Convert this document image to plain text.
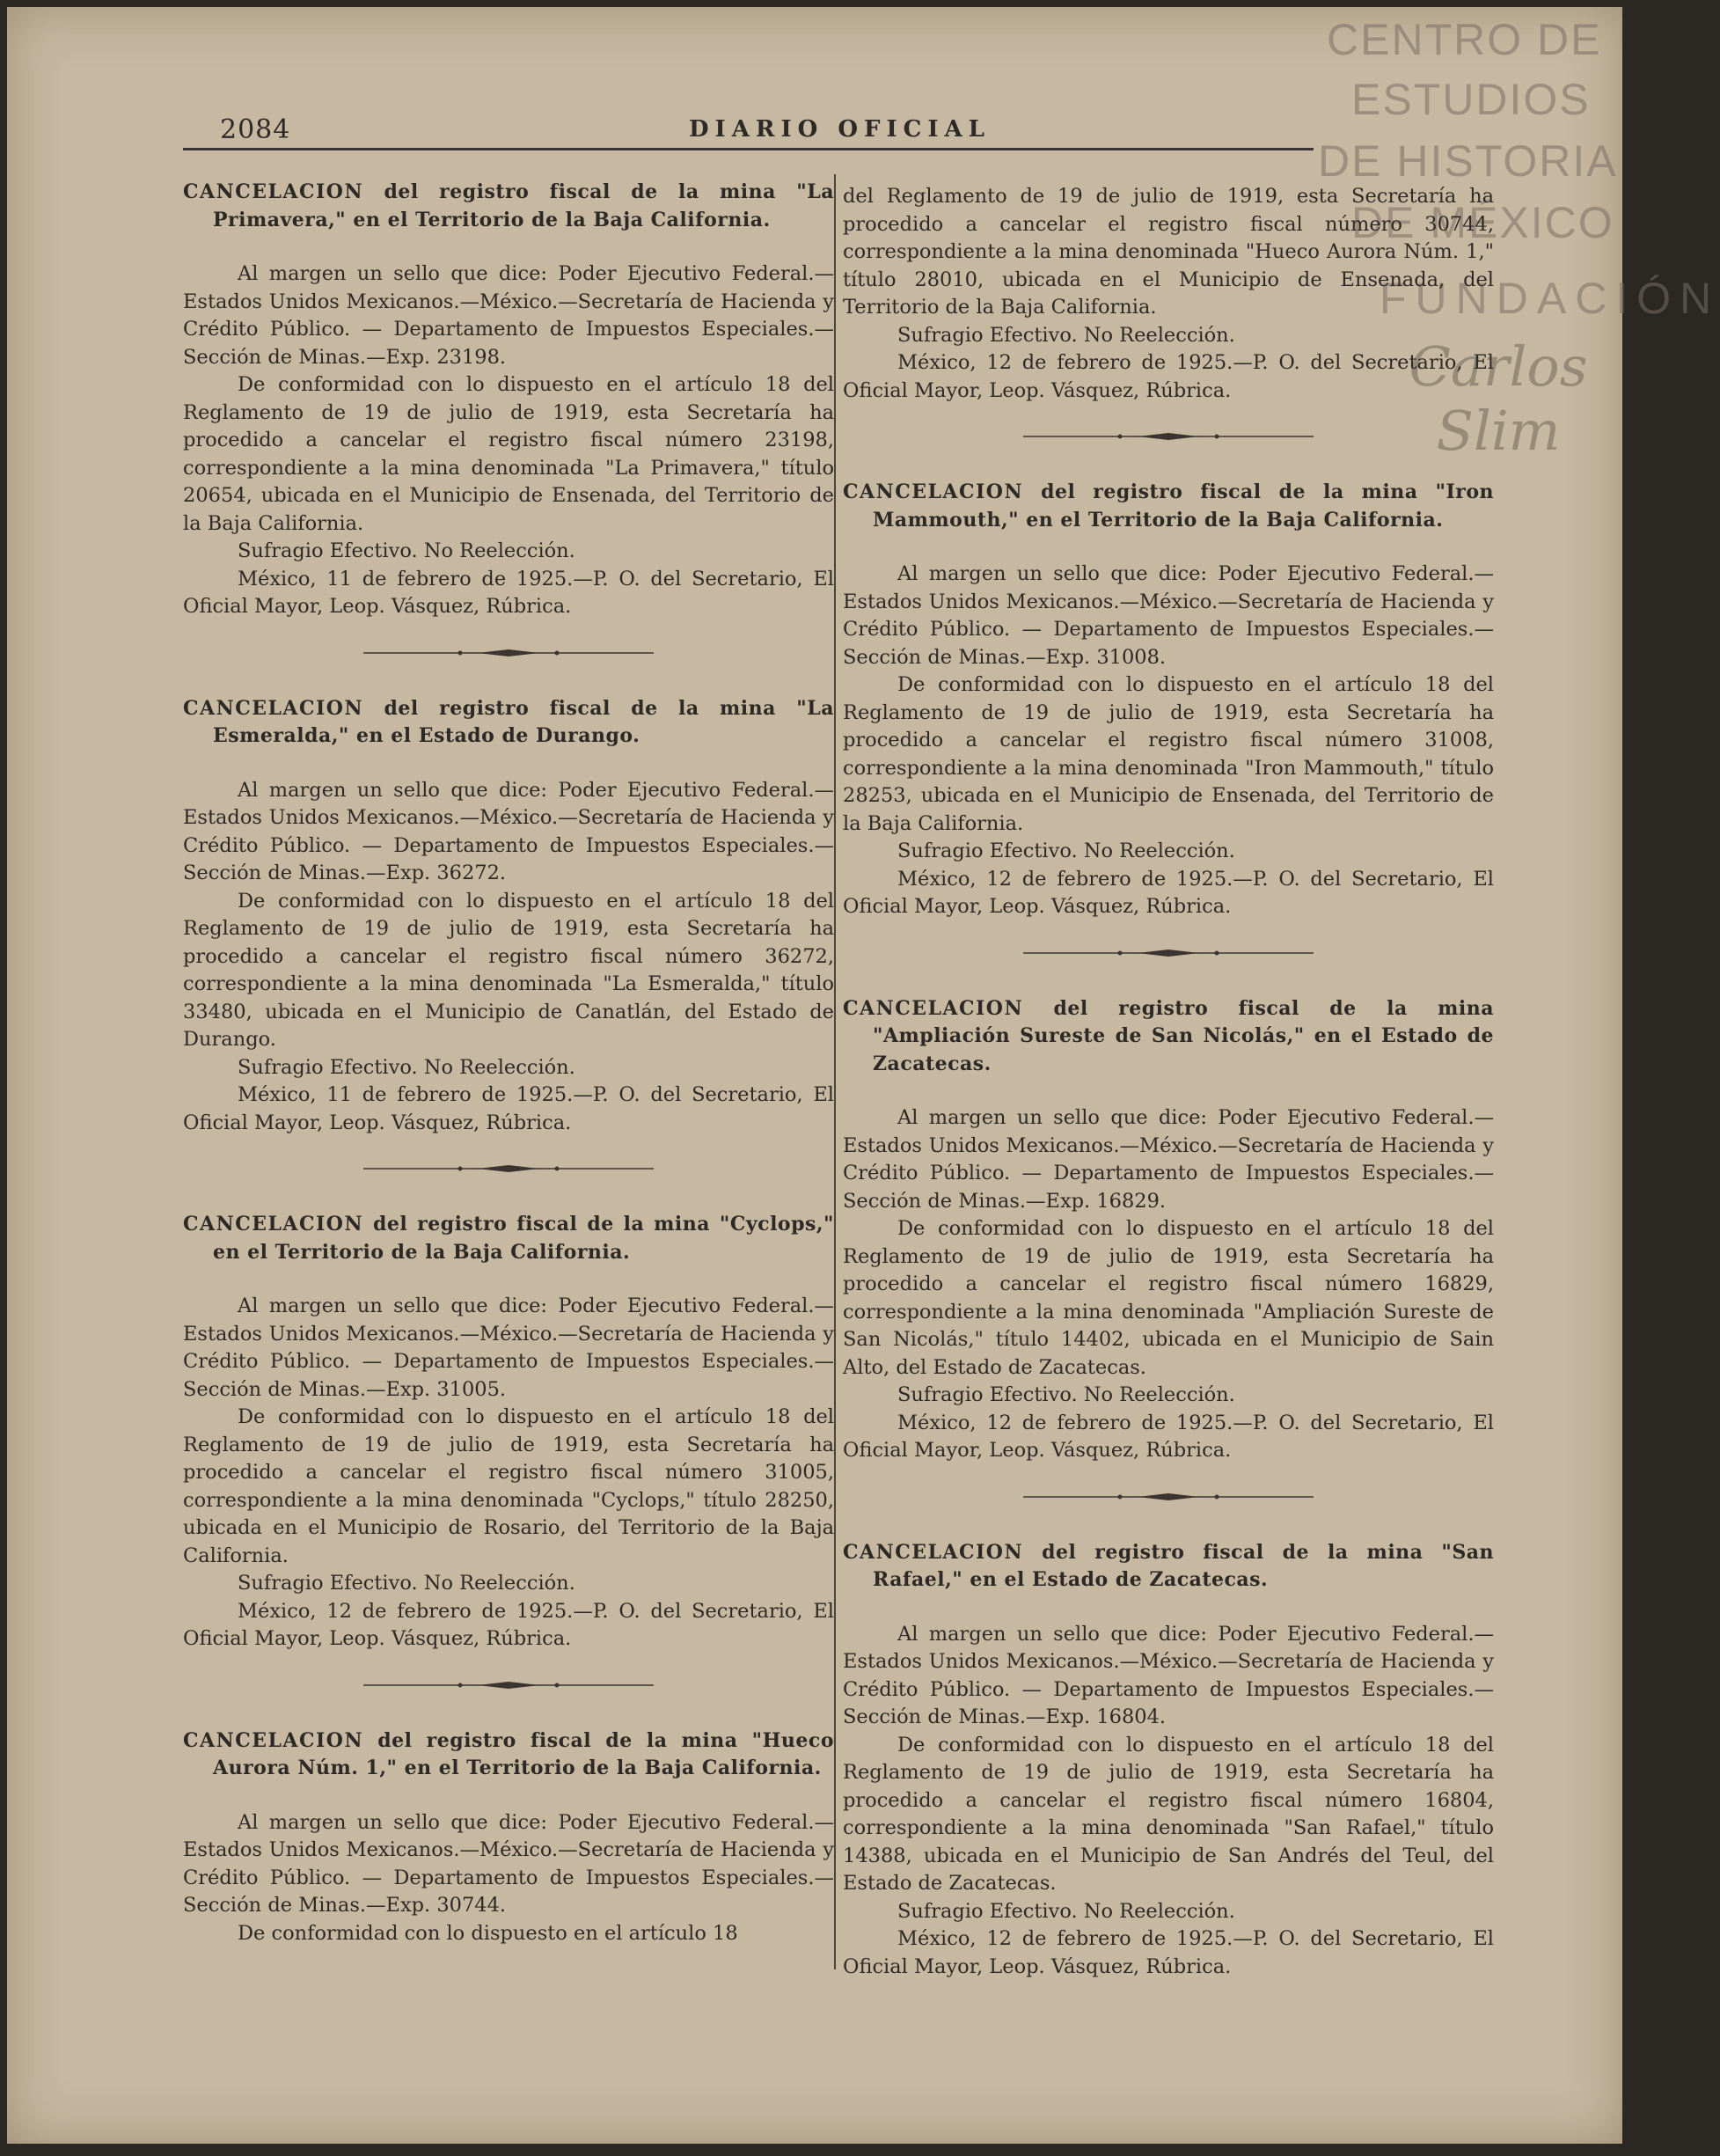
CENTRO DE
ESTUDIOS
DE HISTORIA
DE MÉXICO
FUNDACIÓN
Carlos Slim
2084	DIARIO OFICIAL
CANCELACION del registro fiscal de la mina "La Primavera," en el Territorio de la Baja California.

Al margen un sello que dice: Poder Ejecutivo Federal.—Estados Unidos Mexicanos.—México.—Secretaría de Hacienda y Crédito Público. — Departamento de Impuestos Especiales.—Sección de Minas.—Exp. 23198.

De conformidad con lo dispuesto en el artículo 18 del Reglamento de 19 de julio de 1919, esta Secretaría ha procedido a cancelar el registro fiscal número 23198, correspondiente a la mina denominada "La Primavera," título 20654, ubicada en el Municipio de Ensenada, del Territorio de la Baja California.

Sufragio Efectivo. No Reelección.

México, 11 de febrero de 1925.—P. O. del Secretario, El Oficial Mayor, Leop. Vásquez, Rúbrica.

CANCELACION del registro fiscal de la mina "La Esmeralda," en el Estado de Durango.

Al margen un sello que dice: Poder Ejecutivo Federal.—Estados Unidos Mexicanos.—México.—Secretaría de Hacienda y Crédito Público. — Departamento de Impuestos Especiales.—Sección de Minas.—Exp. 36272.

De conformidad con lo dispuesto en el artículo 18 del Reglamento de 19 de julio de 1919, esta Secretaría ha procedido a cancelar el registro fiscal número 36272, correspondiente a la mina denominada "La Esmeralda," título 33480, ubicada en el Municipio de Canatlán, del Estado de Durango.

Sufragio Efectivo. No Reelección.

México, 11 de febrero de 1925.—P. O. del Secretario, El Oficial Mayor, Leop. Vásquez, Rúbrica.

CANCELACION del registro fiscal de la mina "Cyclops," en el Territorio de la Baja California.

Al margen un sello que dice: Poder Ejecutivo Federal.—Estados Unidos Mexicanos.—México.—Secretaría de Hacienda y Crédito Público. — Departamento de Impuestos Especiales.—Sección de Minas.—Exp. 31005.

De conformidad con lo dispuesto en el artículo 18 del Reglamento de 19 de julio de 1919, esta Secretaría ha procedido a cancelar el registro fiscal número 31005, correspondiente a la mina denominada "Cyclops," título 28250, ubicada en el Municipio de Rosario, del Territorio de la Baja California.

Sufragio Efectivo. No Reelección.

México, 12 de febrero de 1925.—P. O. del Secretario, El Oficial Mayor, Leop. Vásquez, Rúbrica.

CANCELACION del registro fiscal de la mina "Hueco Aurora Núm. 1," en el Territorio de la Baja California.

Al margen un sello que dice: Poder Ejecutivo Federal.—Estados Unidos Mexicanos.—México.—Secretaría de Hacienda y Crédito Público. — Departamento de Impuestos Especiales.—Sección de Minas.—Exp. 30744.

De conformidad con lo dispuesto en el artículo 18

del Reglamento de 19 de julio de 1919, esta Secretaría ha procedido a cancelar el registro fiscal número 30744, correspondiente a la mina denominada "Hueco Aurora Núm. 1," título 28010, ubicada en el Municipio de Ensenada, del Territorio de la Baja California.

Sufragio Efectivo. No Reelección.

México, 12 de febrero de 1925.—P. O. del Secretario, El Oficial Mayor, Leop. Vásquez, Rúbrica.

CANCELACION del registro fiscal de la mina "Iron Mammouth," en el Territorio de la Baja California.

Al margen un sello que dice: Poder Ejecutivo Federal.—Estados Unidos Mexicanos.—México.—Secretaría de Hacienda y Crédito Público. — Departamento de Impuestos Especiales.—Sección de Minas.—Exp. 31008.

De conformidad con lo dispuesto en el artículo 18 del Reglamento de 19 de julio de 1919, esta Secretaría ha procedido a cancelar el registro fiscal número 31008, correspondiente a la mina denominada "Iron Mammouth," título 28253, ubicada en el Municipio de Ensenada, del Territorio de la Baja California.

Sufragio Efectivo. No Reelección.

México, 12 de febrero de 1925.—P. O. del Secretario, El Oficial Mayor, Leop. Vásquez, Rúbrica.

CANCELACION del registro fiscal de la mina "Ampliación Sureste de San Nicolás," en el Estado de Zacatecas.

Al margen un sello que dice: Poder Ejecutivo Federal.—Estados Unidos Mexicanos.—México.—Secretaría de Hacienda y Crédito Público. — Departamento de Impuestos Especiales.—Sección de Minas.—Exp. 16829.

De conformidad con lo dispuesto en el artículo 18 del Reglamento de 19 de julio de 1919, esta Secretaría ha procedido a cancelar el registro fiscal número 16829, correspondiente a la mina denominada "Ampliación Sureste de San Nicolás," título 14402, ubicada en el Municipio de Sain Alto, del Estado de Zacatecas.

Sufragio Efectivo. No Reelección.

México, 12 de febrero de 1925.—P. O. del Secretario, El Oficial Mayor, Leop. Vásquez, Rúbrica.

CANCELACION del registro fiscal de la mina "San Rafael," en el Estado de Zacatecas.

Al margen un sello que dice: Poder Ejecutivo Federal.—Estados Unidos Mexicanos.—México.—Secretaría de Hacienda y Crédito Público. — Departamento de Impuestos Especiales.—Sección de Minas.—Exp. 16804.

De conformidad con lo dispuesto en el artículo 18 del Reglamento de 19 de julio de 1919, esta Secretaría ha procedido a cancelar el registro fiscal número 16804, correspondiente a la mina denominada "San Rafael," título 14388, ubicada en el Municipio de San Andrés del Teul, del Estado de Zacatecas.

Sufragio Efectivo. No Reelección.

México, 12 de febrero de 1925.—P. O. del Secretario, El Oficial Mayor, Leop. Vásquez, Rúbrica.
